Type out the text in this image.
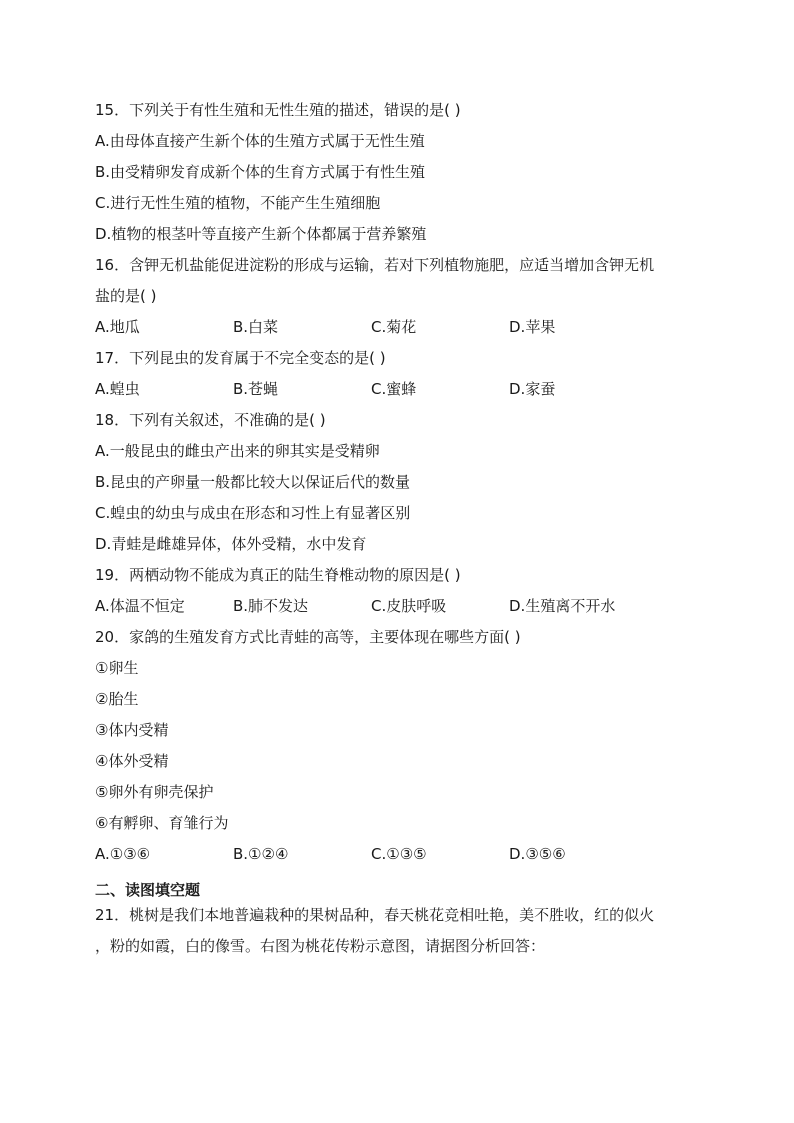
15．下列关于有性生殖和无性生殖的描述，错误的是( )
A.由母体直接产生新个体的生殖方式属于无性生殖
B.由受精卵发育成新个体的生育方式属于有性生殖
C.进行无性生殖的植物，不能产生生殖细胞
D.植物的根茎叶等直接产生新个体都属于营养繁殖
16．含钾无机盐能促进淀粉的形成与运输，若对下列植物施肥，应适当增加含钾无机
盐的是( )
A.地瓜	B.白菜	C.菊花	D.苹果
17．下列昆虫的发育属于不完全变态的是( )
A.蝗虫	B.苍蝇	C.蜜蜂	D.家蚕
18．下列有关叙述，不准确的是( )
A.一般昆虫的雌虫产出来的卵其实是受精卵
B.昆虫的产卵量一般都比较大以保证后代的数量
C.蝗虫的幼虫与成虫在形态和习性上有显著区别
D.青蛙是雌雄异体，体外受精，水中发育
19．两栖动物不能成为真正的陆生脊椎动物的原因是( )
A.体温不恒定	B.肺不发达	C.皮肤呼吸	D.生殖离不开水
20．家鸽的生殖发育方式比青蛙的高等，主要体现在哪些方面( )
①卵生
②胎生
③体内受精
④体外受精
⑤卵外有卵壳保护
⑥有孵卵、育雏行为
A.①③⑥	B.①②④	C.①③⑤	D.③⑤⑥
二、读图填空题
21．桃树是我们本地普遍栽种的果树品种，春天桃花竞相吐艳，美不胜收，红的似火
，粉的如霞，白的像雪。右图为桃花传粉示意图，请据图分析回答：
